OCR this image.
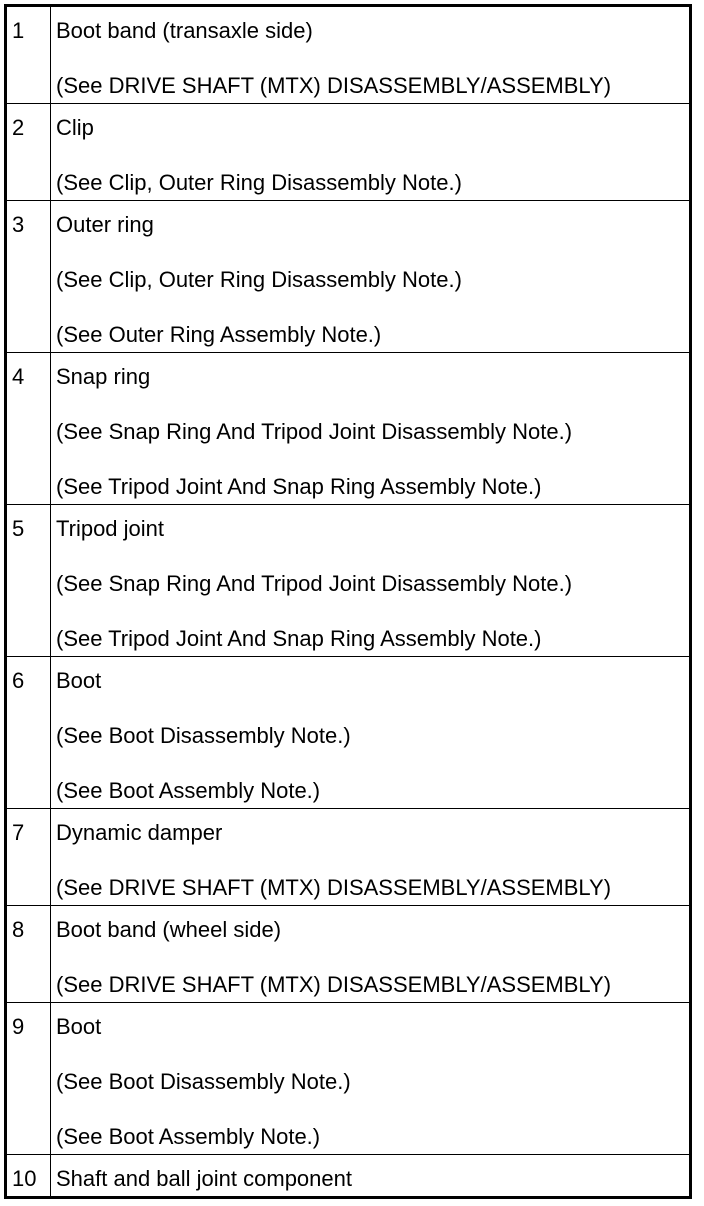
1	Boot band (transaxle side)
(See DRIVE SHAFT (MTX) DISASSEMBLY/ASSEMBLY)

2	Clip
(See Clip, Outer Ring Disassembly Note.)

3	Outer ring
(See Clip, Outer Ring Disassembly Note.)
(See Outer Ring Assembly Note.)

4	Snap ring
(See Snap Ring And Tripod Joint Disassembly Note.)
(See Tripod Joint And Snap Ring Assembly Note.)

5	Tripod joint
(See Snap Ring And Tripod Joint Disassembly Note.)
(See Tripod Joint And Snap Ring Assembly Note.)

6	Boot
(See Boot Disassembly Note.)
(See Boot Assembly Note.)

7	Dynamic damper
(See DRIVE SHAFT (MTX) DISASSEMBLY/ASSEMBLY)

8	Boot band (wheel side)
(See DRIVE SHAFT (MTX) DISASSEMBLY/ASSEMBLY)

9	Boot
(See Boot Disassembly Note.)
(See Boot Assembly Note.)

10	Shaft and ball joint component
